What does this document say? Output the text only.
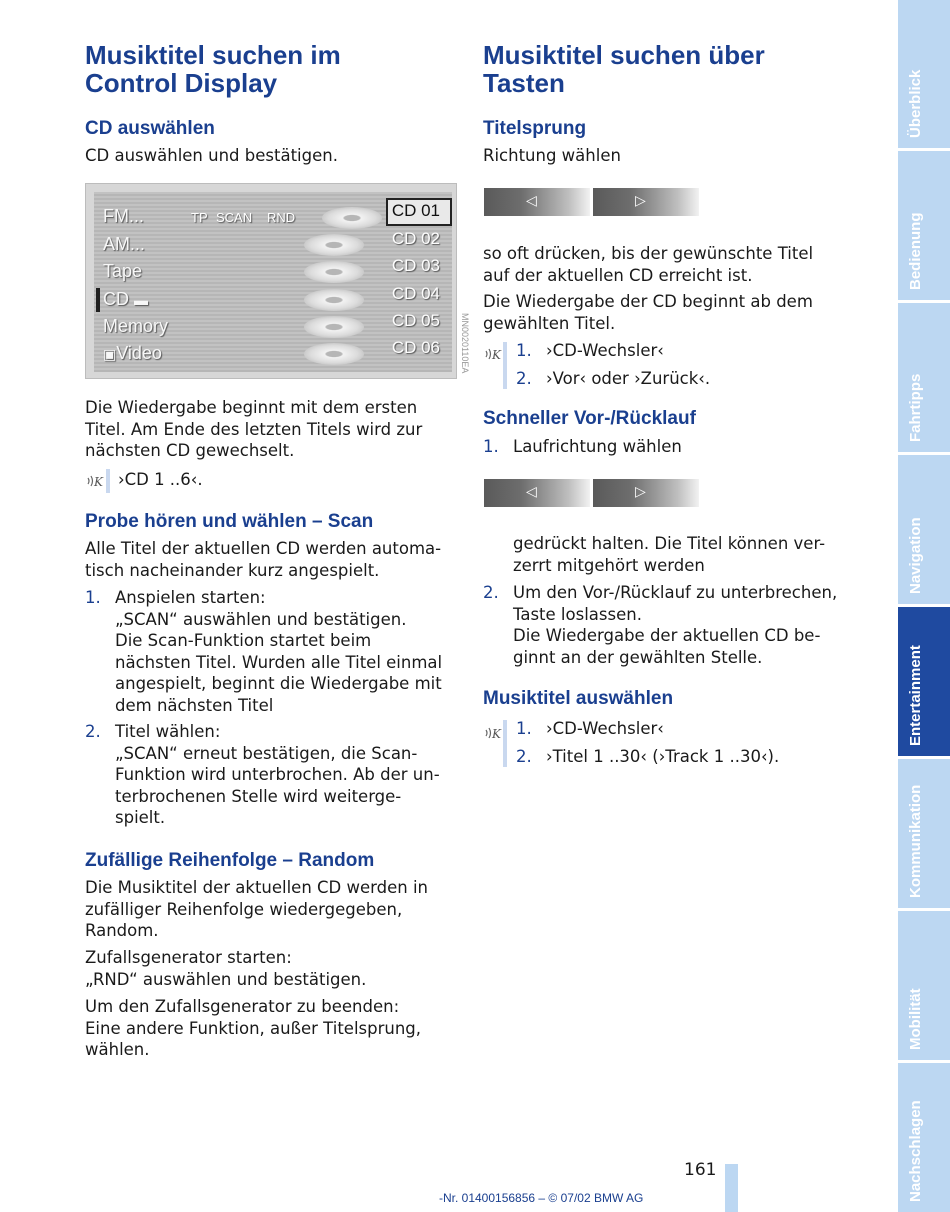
Musiktitel suchen im
Control Display
CD auswählen

CD auswählen und bestätigen.

FM...
AM...
Tape
CD ▬
Memory
▣Video
TP SCAN RND	CD 01
CD 02
CD 03
CD 04
CD 05
CD 06 MN0020110EA

Die Wiedergabe beginnt mit dem ersten
Titel. Am Ende des letzten Titels wird zur
nächsten CD gewechselt.

K ›CD 1 ..6‹.

Probe hören und wählen – Scan

Alle Titel der aktuellen CD werden automa-
tisch nacheinander kurz angespielt.

1. Anspielen starten:
„SCAN“ auswählen und bestätigen.
Die Scan-Funktion startet beim
nächsten Titel. Wurden alle Titel einmal
angespielt, beginnt die Wiedergabe mit
dem nächsten Titel

2. Titel wählen:
„SCAN“ erneut bestätigen, die Scan-
Funktion wird unterbrochen. Ab der un-
terbrochenen Stelle wird weiterge-
spielt.

Zufällige Reihenfolge – Random

Die Musiktitel der aktuellen CD werden in
zufälliger Reihenfolge wiedergegeben,
Random.

Zufallsgenerator starten:
„RND“ auswählen und bestätigen.

Um den Zufallsgenerator zu beenden:
Eine andere Funktion, außer Titelsprung,
wählen.

Musiktitel suchen über
Tasten
Titelsprung

Richtung wählen

◁	▷

so oft drücken, bis der gewünschte Titel
auf der aktuellen CD erreicht ist.

Die Wiedergabe der CD beginnt ab dem
gewählten Titel.

K 1. ›CD-Wechsler‹

2. ›Vor‹ oder ›Zurück‹.

Schneller Vor-/Rücklauf
1. Laufrichtung wählen

◁	▷

gedrückt halten. Die Titel können ver-
zerrt mitgehört werden

2. Um den Vor-/Rücklauf zu unterbrechen,
Taste loslassen.
Die Wiedergabe der aktuellen CD be-
ginnt an der gewählten Stelle.

Musiktitel auswählen
K 1. ›CD-Wechsler‹

2. ›Titel 1 ..30‹ (›Track 1 ..30‹).

Überblick
Bedienung
Fahrtipps
Navigation
Entertainment
Kommunikation
Mobilität
Nachschlagen
161
-Nr. 01400156856 – © 07/02 BMW AG
